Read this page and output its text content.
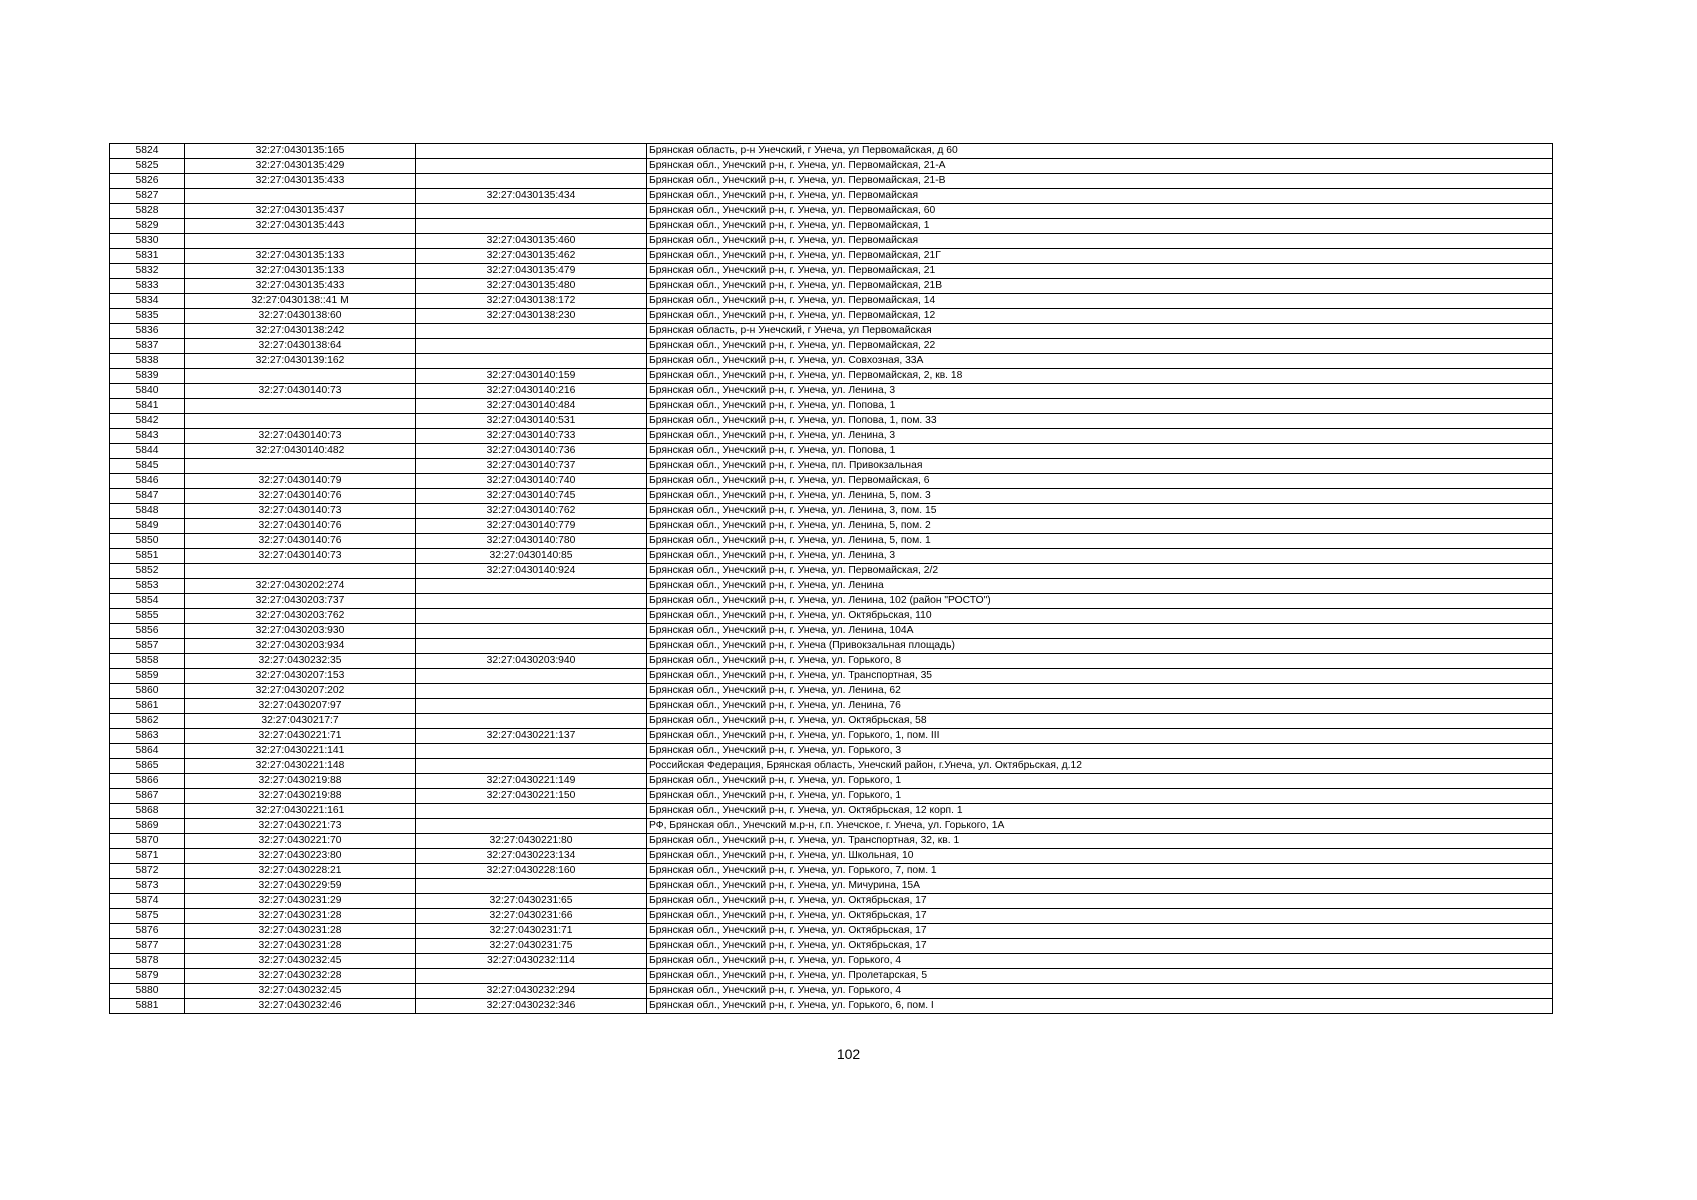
5824	32:27:0430135:165		Брянская область, р-н Унечский, г Унеча, ул Первомайская, д 60
5825	32:27:0430135:429		Брянская обл., Унечский р-н, г. Унеча, ул. Первомайская, 21-А
5826	32:27:0430135:433		Брянская обл., Унечский р-н, г. Унеча, ул. Первомайская, 21-В
5827		32:27:0430135:434	Брянская обл., Унечский р-н, г. Унеча, ул. Первомайская
5828	32:27:0430135:437		Брянская обл., Унечский р-н, г. Унеча, ул. Первомайская, 60
5829	32:27:0430135:443		Брянская обл., Унечский р-н, г. Унеча, ул. Первомайская, 1
5830		32:27:0430135:460	Брянская обл., Унечский р-н, г. Унеча, ул. Первомайская
5831	32:27:0430135:133	32:27:0430135:462	Брянская обл., Унечский р-н, г. Унеча, ул. Первомайская, 21Г
5832	32:27:0430135:133	32:27:0430135:479	Брянская обл., Унечский р-н, г. Унеча, ул. Первомайская, 21
5833	32:27:0430135:433	32:27:0430135:480	Брянская обл., Унечский р-н, г. Унеча, ул. Первомайская, 21В
5834	32:27:0430138::41 М	32:27:0430138:172	Брянская обл., Унечский р-н, г. Унеча, ул. Первомайская, 14
5835	32:27:0430138:60	32:27:0430138:230	Брянская обл., Унечский р-н, г. Унеча, ул. Первомайская, 12
5836	32:27:0430138:242		Брянская область, р-н Унечский, г Унеча, ул Первомайская
5837	32:27:0430138:64		Брянская обл., Унечский р-н, г. Унеча, ул. Первомайская, 22
5838	32:27:0430139:162		Брянская обл., Унечский р-н, г. Унеча, ул. Совхозная, 33А
5839		32:27:0430140:159	Брянская обл., Унечский р-н, г. Унеча, ул. Первомайская, 2, кв. 18
5840	32:27:0430140:73	32:27:0430140:216	Брянская обл., Унечский р-н, г. Унеча, ул. Ленина, 3
5841		32:27:0430140:484	Брянская обл., Унечский р-н, г. Унеча, ул. Попова, 1
5842		32:27:0430140:531	Брянская обл., Унечский р-н, г. Унеча, ул. Попова, 1, пом. 33
5843	32:27:0430140:73	32:27:0430140:733	Брянская обл., Унечский р-н, г. Унеча, ул. Ленина, 3
5844	32:27:0430140:482	32:27:0430140:736	Брянская обл., Унечский р-н, г. Унеча, ул. Попова, 1
5845		32:27:0430140:737	Брянская обл., Унечский р-н, г. Унеча, пл. Привокзальная
5846	32:27:0430140:79	32:27:0430140:740	Брянская обл., Унечский р-н, г. Унеча, ул. Первомайская, 6
5847	32:27:0430140:76	32:27:0430140:745	Брянская обл., Унечский р-н, г. Унеча, ул. Ленина, 5, пом. 3
5848	32:27:0430140:73	32:27:0430140:762	Брянская обл., Унечский р-н, г. Унеча, ул. Ленина, 3, пом. 15
5849	32:27:0430140:76	32:27:0430140:779	Брянская обл., Унечский р-н, г. Унеча, ул. Ленина, 5, пом. 2
5850	32:27:0430140:76	32:27:0430140:780	Брянская обл., Унечский р-н, г. Унеча, ул. Ленина, 5, пом. 1
5851	32:27:0430140:73	32:27:0430140:85	Брянская обл., Унечский р-н, г. Унеча, ул. Ленина, 3
5852		32:27:0430140:924	Брянская обл., Унечский р-н, г. Унеча, ул. Первомайская, 2/2
5853	32:27:0430202:274		Брянская обл., Унечский р-н, г. Унеча, ул. Ленина
5854	32:27:0430203:737		Брянская обл., Унечский р-н, г. Унеча, ул. Ленина, 102 (район "РОСТО")
5855	32:27:0430203:762		Брянская обл., Унечский р-н, г. Унеча, ул. Октябрьская, 110
5856	32:27:0430203:930		Брянская обл., Унечский р-н, г. Унеча, ул. Ленина, 104А
5857	32:27:0430203:934		Брянская обл., Унечский р-н, г. Унеча (Привокзальная площадь)
5858	32:27:0430232:35	32:27:0430203:940	Брянская обл., Унечский р-н, г. Унеча, ул. Горького, 8
5859	32:27:0430207:153		Брянская обл., Унечский р-н, г. Унеча, ул. Транспортная, 35
5860	32:27:0430207:202		Брянская обл., Унечский р-н, г. Унеча, ул. Ленина, 62
5861	32:27:0430207:97		Брянская обл., Унечский р-н, г. Унеча, ул. Ленина, 76
5862	32:27:0430217:7		Брянская обл., Унечский р-н, г. Унеча, ул. Октябрьская, 58
5863	32:27:0430221:71	32:27:0430221:137	Брянская обл., Унечский р-н, г. Унеча, ул. Горького, 1, пом. III
5864	32:27:0430221:141		Брянская обл., Унечский р-н, г. Унеча, ул. Горького, 3
5865	32:27:0430221:148		Российская Федерация, Брянская область, Унечский район, г.Унеча, ул. Октябрьская, д.12
5866	32:27:0430219:88	32:27:0430221:149	Брянская обл., Унечский р-н, г. Унеча, ул. Горького, 1
5867	32:27:0430219:88	32:27:0430221:150	Брянская обл., Унечский р-н, г. Унеча, ул. Горького, 1
5868	32:27:0430221:161		Брянская обл., Унечский р-н, г. Унеча, ул. Октябрьская, 12 корп. 1
5869	32:27:0430221:73		РФ, Брянская обл., Унечский м.р-н, г.п. Унечское, г. Унеча, ул. Горького, 1А
5870	32:27:0430221:70	32:27:0430221:80	Брянская обл., Унечский р-н, г. Унеча, ул. Транспортная, 32, кв. 1
5871	32:27:0430223:80	32:27:0430223:134	Брянская обл., Унечский р-н, г. Унеча, ул. Школьная, 10
5872	32:27:0430228:21	32:27:0430228:160	Брянская обл., Унечский р-н, г. Унеча, ул. Горького, 7, пом. 1
5873	32:27:0430229:59		Брянская обл., Унечский р-н, г. Унеча, ул. Мичурина, 15А
5874	32:27:0430231:29	32:27:0430231:65	Брянская обл., Унечский р-н, г. Унеча, ул. Октябрьская, 17
5875	32:27:0430231:28	32:27:0430231:66	Брянская обл., Унечский р-н, г. Унеча, ул. Октябрьская, 17
5876	32:27:0430231:28	32:27:0430231:71	Брянская обл., Унечский р-н, г. Унеча, ул. Октябрьская, 17
5877	32:27:0430231:28	32:27:0430231:75	Брянская обл., Унечский р-н, г. Унеча, ул. Октябрьская, 17
5878	32:27:0430232:45	32:27:0430232:114	Брянская обл., Унечский р-н, г. Унеча, ул. Горького, 4
5879	32:27:0430232:28		Брянская обл., Унечский р-н, г. Унеча, ул. Пролетарская, 5
5880	32:27:0430232:45	32:27:0430232:294	Брянская обл., Унечский р-н, г. Унеча, ул. Горького, 4
5881	32:27:0430232:46	32:27:0430232:346	Брянская обл., Унечский р-н, г. Унеча, ул. Горького, 6, пом. I
102
